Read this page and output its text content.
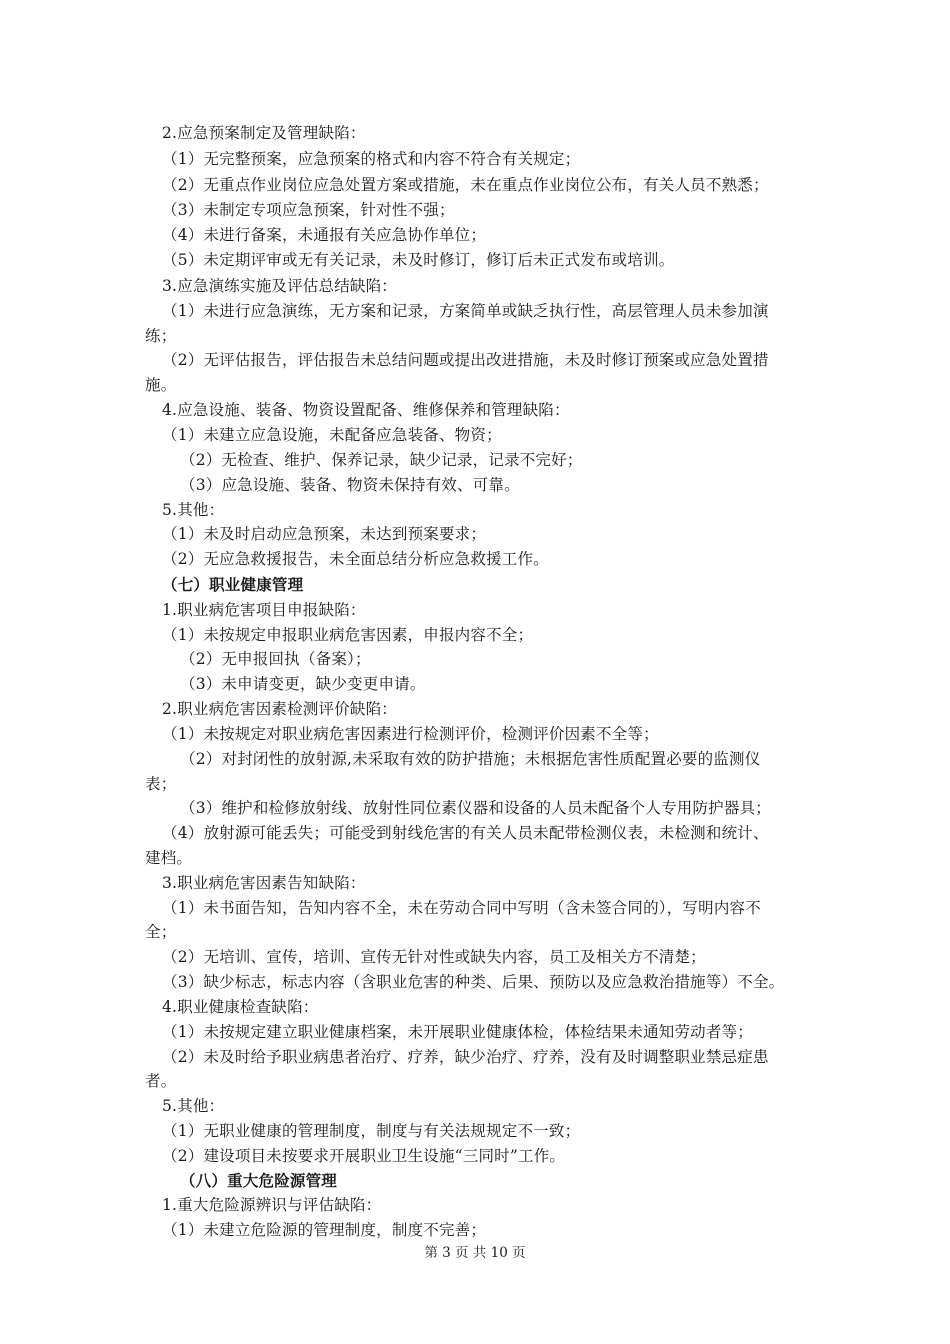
2.应急预案制定及管理缺陷：
（1）无完整预案，应急预案的格式和内容不符合有关规定；
（2）无重点作业岗位应急处置方案或措施，未在重点作业岗位公布，有关人员不熟悉；
（3）未制定专项应急预案，针对性不强；
（4）未进行备案，未通报有关应急协作单位；
（5）未定期评审或无有关记录，未及时修订，修订后未正式发布或培训。
3.应急演练实施及评估总结缺陷：
（1）未进行应急演练，无方案和记录，方案简单或缺乏执行性，高层管理人员未参加演
练；
（2）无评估报告，评估报告未总结问题或提出改进措施，未及时修订预案或应急处置措
施。
4.应急设施、装备、物资设置配备、维修保养和管理缺陷：
（1）未建立应急设施，未配备应急装备、物资；
（2）无检查、维护、保养记录，缺少记录，记录不完好；
（3）应急设施、装备、物资未保持有效、可靠。
5.其他：
（1）未及时启动应急预案，未达到预案要求；
（2）无应急救援报告，未全面总结分析应急救援工作。
（七）职业健康管理
1.职业病危害项目申报缺陷：
（1）未按规定申报职业病危害因素，申报内容不全；
（2）无申报回执（备案）；
（3）未申请变更，缺少变更申请。
2.职业病危害因素检测评价缺陷：
（1）未按规定对职业病危害因素进行检测评价，检测评价因素不全等；
（2）对封闭性的放射源,未采取有效的防护措施；未根据危害性质配置必要的监测仪
表；
（3）维护和检修放射线、放射性同位素仪器和设备的人员未配备个人专用防护器具；
（4）放射源可能丢失；可能受到射线危害的有关人员未配带检测仪表，未检测和统计、
建档。
3.职业病危害因素告知缺陷：
（1）未书面告知，告知内容不全，未在劳动合同中写明（含未签合同的），写明内容不
全；
（2）无培训、宣传，培训、宣传无针对性或缺失内容，员工及相关方不清楚；
（3）缺少标志，标志内容（含职业危害的种类、后果、预防以及应急救治措施等）不全。
4.职业健康检查缺陷：
（1）未按规定建立职业健康档案，未开展职业健康体检，体检结果未通知劳动者等；
（2）未及时给予职业病患者治疗、疗养，缺少治疗、疗养，没有及时调整职业禁忌症患
者。
5.其他：
（1）无职业健康的管理制度，制度与有关法规规定不一致；
（2）建设项目未按要求开展职业卫生设施“三同时”工作。
（八）重大危险源管理
1.重大危险源辨识与评估缺陷：
（1）未建立危险源的管理制度，制度不完善；
第 3 页 共 10 页
